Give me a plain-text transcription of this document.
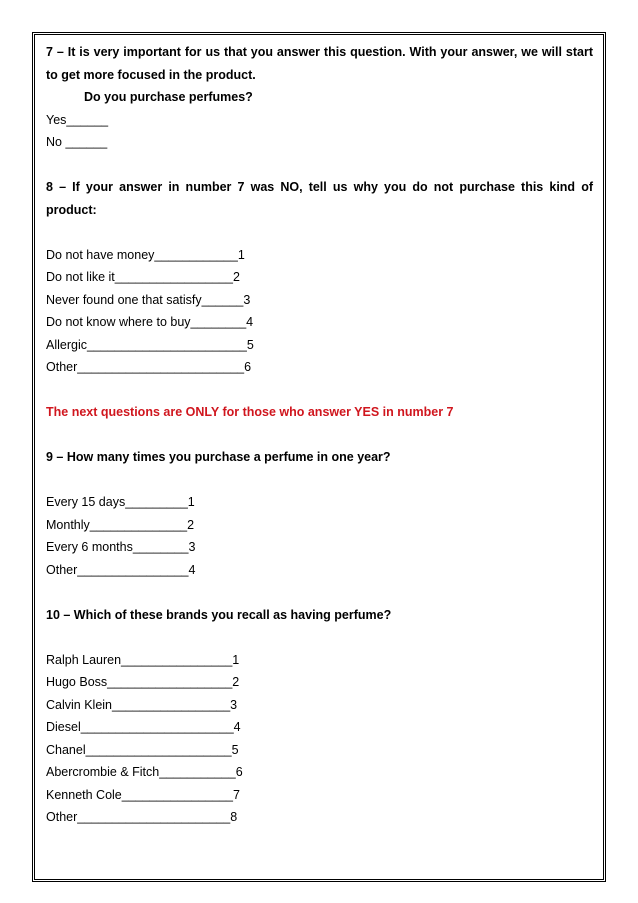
7 – It is very important for us that you answer this question. With your answer, we will start to get more focused in the product.
Do you purchase perfumes?
Yes______
No ______
8 – If your answer in number 7 was NO, tell us why you do not purchase this kind of product:
Do not have money____________1
Do not like it_________________2
Never found one that satisfy______3
Do not know where to buy________4
Allergic_______________________5
Other________________________6
The next questions are ONLY for those who answer YES in number 7
9 – How many times you purchase a perfume in one year?
Every 15 days_________1
Monthly______________2
Every 6 months________3
Other________________4
10 – Which of these brands you recall as having perfume?
Ralph Lauren________________1
Hugo Boss__________________2
Calvin Klein_________________3
Diesel______________________4
Chanel_____________________5
Abercrombie & Fitch___________6
Kenneth Cole________________7
Other______________________8
